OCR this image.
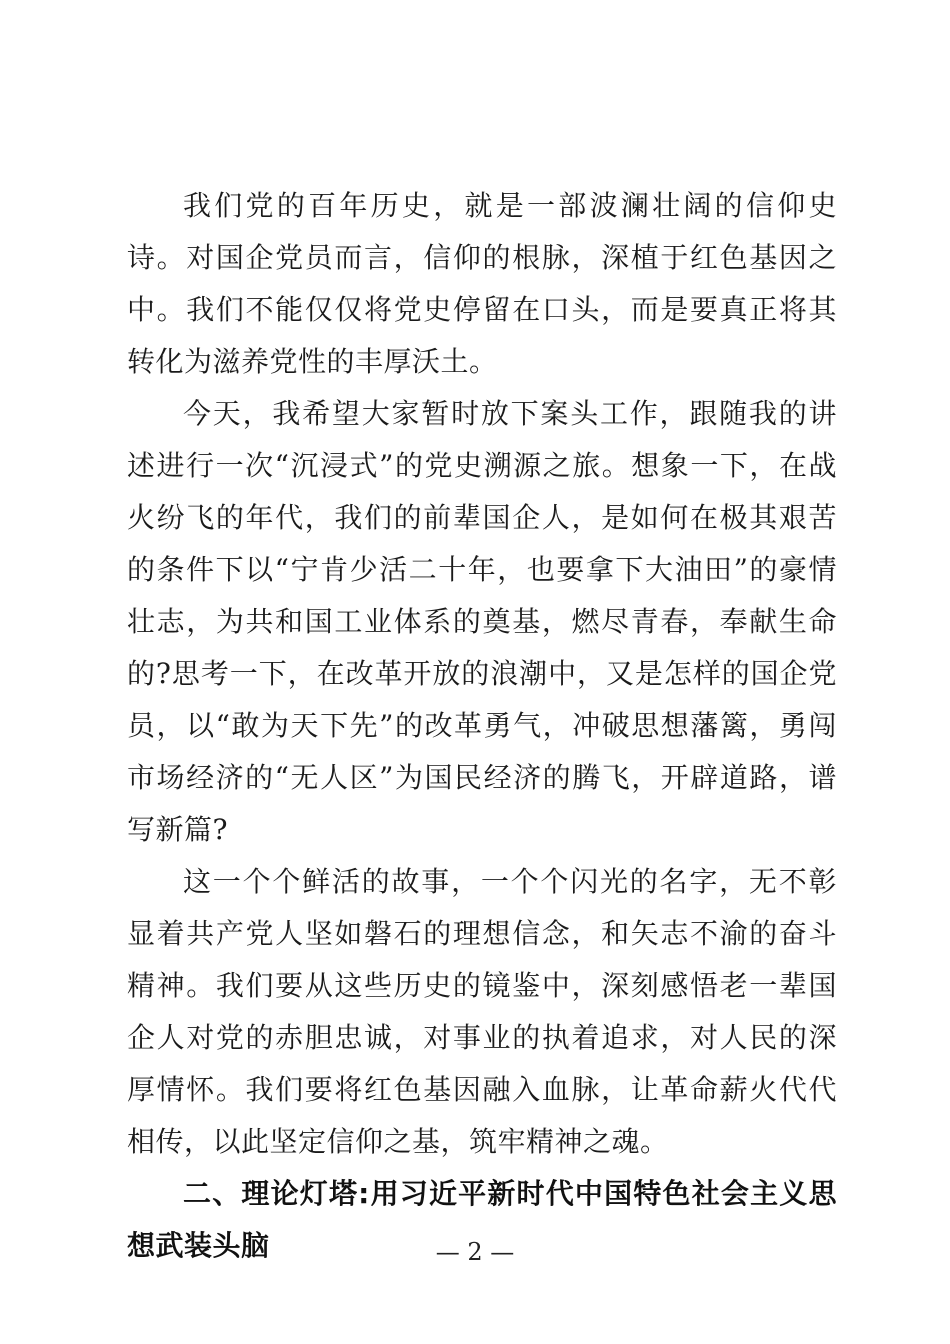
我们党的百年历史，就是一部波澜壮阔的信仰史诗。对国企党员而言，信仰的根脉，深植于红色基因之中。我们不能仅仅将党史停留在口头，而是要真正将其转化为滋养党性的丰厚沃土。

今天，我希望大家暂时放下案头工作，跟随我的讲述进行一次“沉浸式”的党史溯源之旅。想象一下，在战火纷飞的年代，我们的前辈国企人，是如何在极其艰苦的条件下以“宁肯少活二十年，也要拿下大油田”的豪情壮志，为共和国工业体系的奠基，燃尽青春，奉献生命的?思考一下，在改革开放的浪潮中，又是怎样的国企党员，以“敢为天下先”的改革勇气，冲破思想藩篱，勇闯市场经济的“无人区”为国民经济的腾飞，开辟道路，谱写新篇?

这一个个鲜活的故事，一个个闪光的名字，无不彰显着共产党人坚如磐石的理想信念，和矢志不渝的奋斗精神。我们要从这些历史的镜鉴中，深刻感悟老一辈国企人对党的赤胆忠诚，对事业的执着追求，对人民的深厚情怀。我们要将红色基因融入血脉，让革命薪火代代相传，以此坚定信仰之基，筑牢精神之魂。

二、理论灯塔:用习近平新时代中国特色社会主义思想武装头脑	— 2 —
